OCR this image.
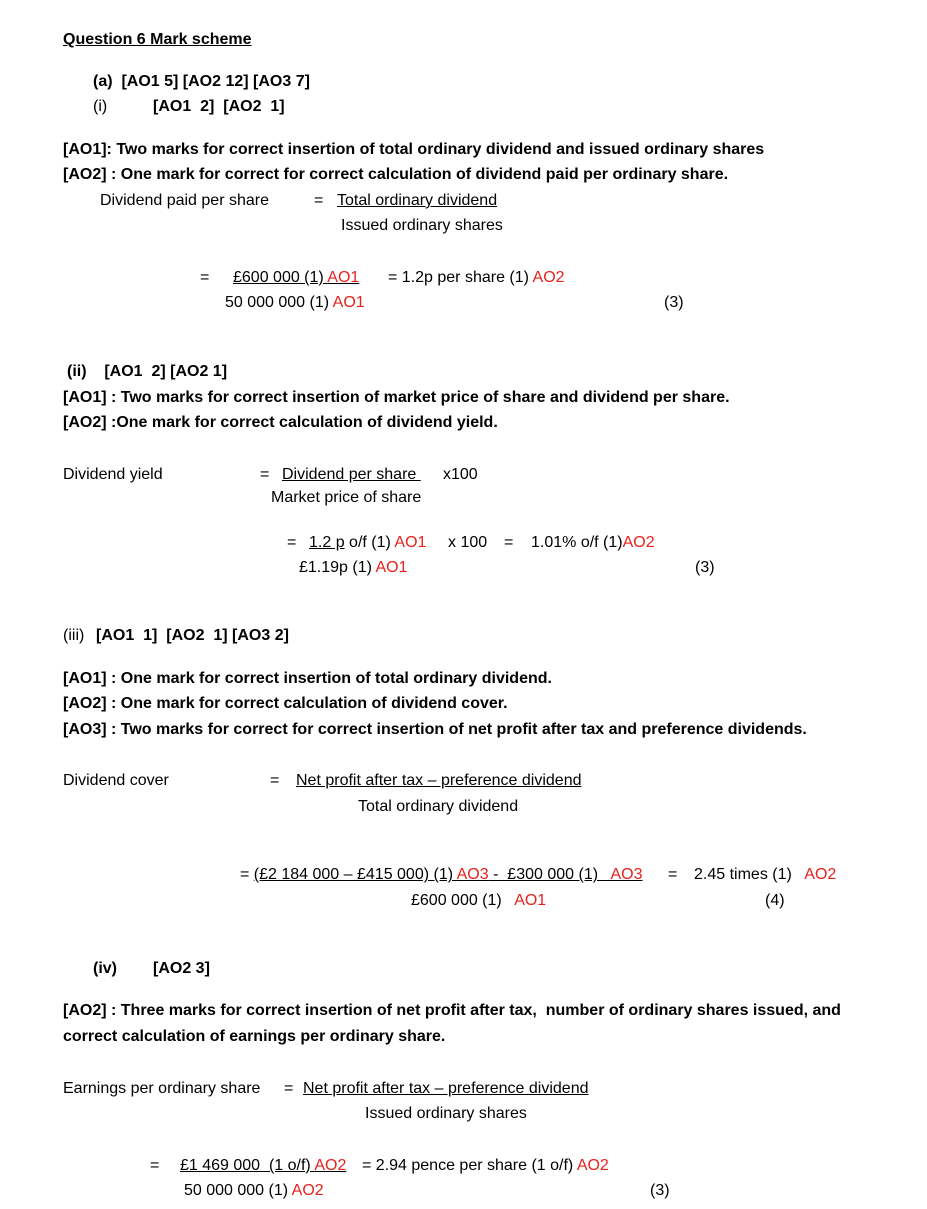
Question 6 Mark scheme
(a)  [AO1 5] [AO2 12] [AO3 7]
(i)	[AO1  2]  [AO2  1]
[AO1]: Two marks for correct insertion of total ordinary dividend and issued ordinary shares
[AO2] : One mark for correct for correct calculation of dividend paid per ordinary share.
Dividend paid per share	= Total ordinary dividend
Issued ordinary shares
= £600 000 (1) AO1 = 1.2p per share (1) AO2
50 000 000 (1) AO1	(3)
(ii)    [AO1  2] [AO2 1]
[AO1] : Two marks for correct insertion of market price of share and dividend per share.
[AO2] :One mark for correct calculation of dividend yield.
Dividend yield	= Dividend per share x100
Market price of share
= 1.2 p o/f (1) AO1 x 100 = 1.01% o/f (1)AO2
£1.19p (1) AO1	(3)
(iii) [AO1  1]  [AO2  1] [AO3 2]
[AO1] : One mark for correct insertion of total ordinary dividend.
[AO2] : One mark for correct calculation of dividend cover.
[AO3] : Two marks for correct for correct insertion of net profit after tax and preference dividends.
Dividend cover	= Net profit after tax – preference dividend
Total ordinary dividend
= (£2 184 000 – £415 000) (1) AO3 -  £300 000 (1)   AO3 = 2.45 times (1)   AO2
£600 000 (1)   AO1	(4)
(iv) [AO2 3]
[AO2] : Three marks for correct insertion of net profit after tax,  number of ordinary shares issued, and
correct calculation of earnings per ordinary share.
Earnings per ordinary share = Net profit after tax – preference dividend
Issued ordinary shares
= £1 469 000  (1 o/f) AO2 = 2.94 pence per share (1 o/f) AO2
50 000 000 (1) AO2	(3)
